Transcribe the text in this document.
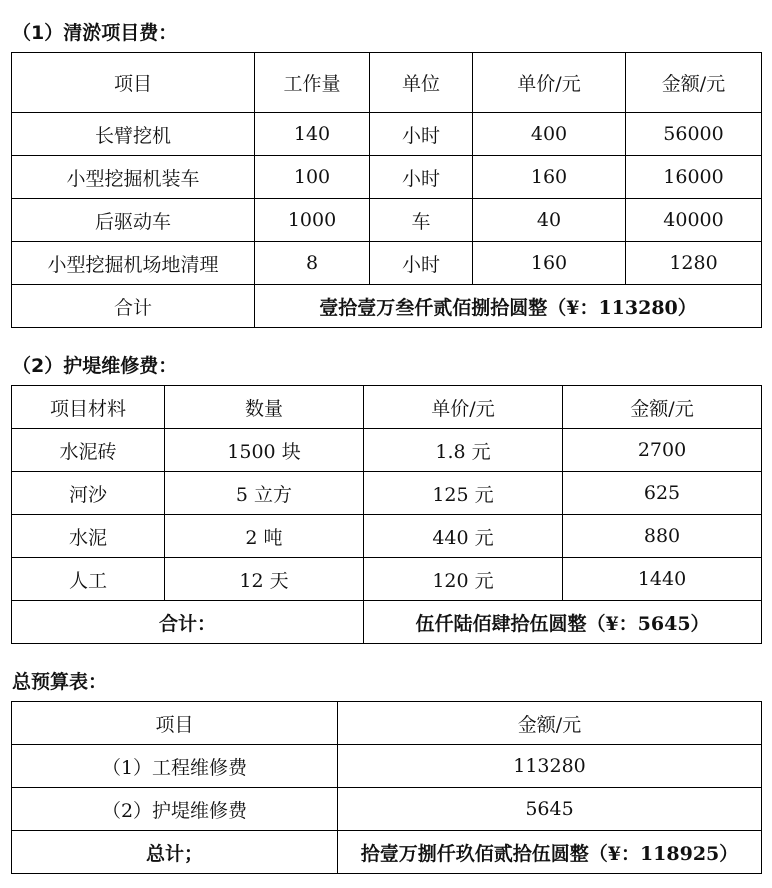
（1）清淤项目费：
项目	工作量	单位	单价/元	金额/元
长臂挖机	140	小时	400	56000
小型挖掘机装车	100	小时	160	16000
后驱动车	1000	车	40	40000
小型挖掘机场地清理	8	小时	160	1280
合计	壹拾壹万叁仟贰佰捌拾圆整（¥：113280）			
（2）护堤维修费：
项目材料	数量	单价/元	金额/元
水泥砖	1500 块	1.8 元	2700
河沙	5 立方	125 元	625
水泥	2 吨	440 元	880
人工	12 天	120 元	1440
合计：		伍仟陆佰肆拾伍圆整（¥：5645）	
总预算表：
项目	金额/元
（1）工程维修费	113280
（2）护堤维修费	5645
总计；	拾壹万捌仟玖佰贰拾伍圆整（¥：118925）
